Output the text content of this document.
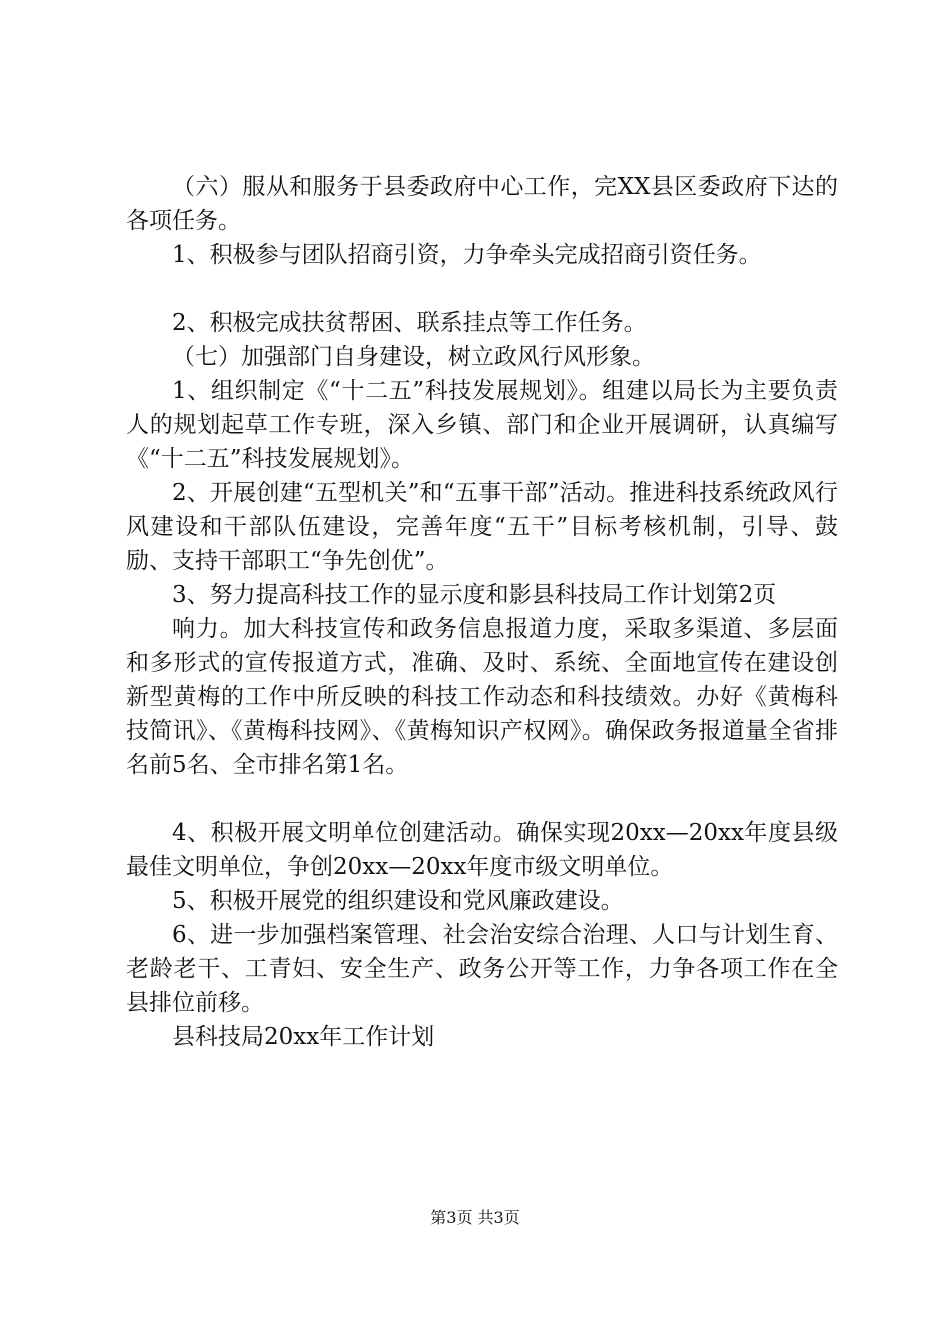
（六）服从和服务于县委政府中心工作，完XX县区委政府下达的各项任务。

1、积极参与团队招商引资，力争牵头完成招商引资任务。

2、积极完成扶贫帮困、联系挂点等工作任务。

（七）加强部门自身建设，树立政风行风形象。

1、组织制定《“十二五”科技发展规划》。组建以局长为主要负责人的规划起草工作专班，深入乡镇、部门和企业开展调研，认真编写《“十二五”科技发展规划》。

2、开展创建“五型机关”和“五事干部”活动。推进科技系统政风行风建设和干部队伍建设，完善年度“五干”目标考核机制，引导、鼓励、支持干部职工“争先创优”。

3、努力提高科技工作的显示度和影县科技局工作计划第2页

响力。加大科技宣传和政务信息报道力度，采取多渠道、多层面和多形式的宣传报道方式，准确、及时、系统、全面地宣传在建设创新型黄梅的工作中所反映的科技工作动态和科技绩效。办好《黄梅科技简讯》、《黄梅科技网》、《黄梅知识产权网》。确保政务报道量全省排名前5名、全市排名第1名。

4、积极开展文明单位创建活动。确保实现20xx—20xx年度县级最佳文明单位，争创20xx—20xx年度市级文明单位。

5、积极开展党的组织建设和党风廉政建设。

6、进一步加强档案管理、社会治安综合治理、人口与计划生育、老龄老干、工青妇、安全生产、政务公开等工作，力争各项工作在全县排位前移。

县科技局20xx年工作计划

第3页 共3页
